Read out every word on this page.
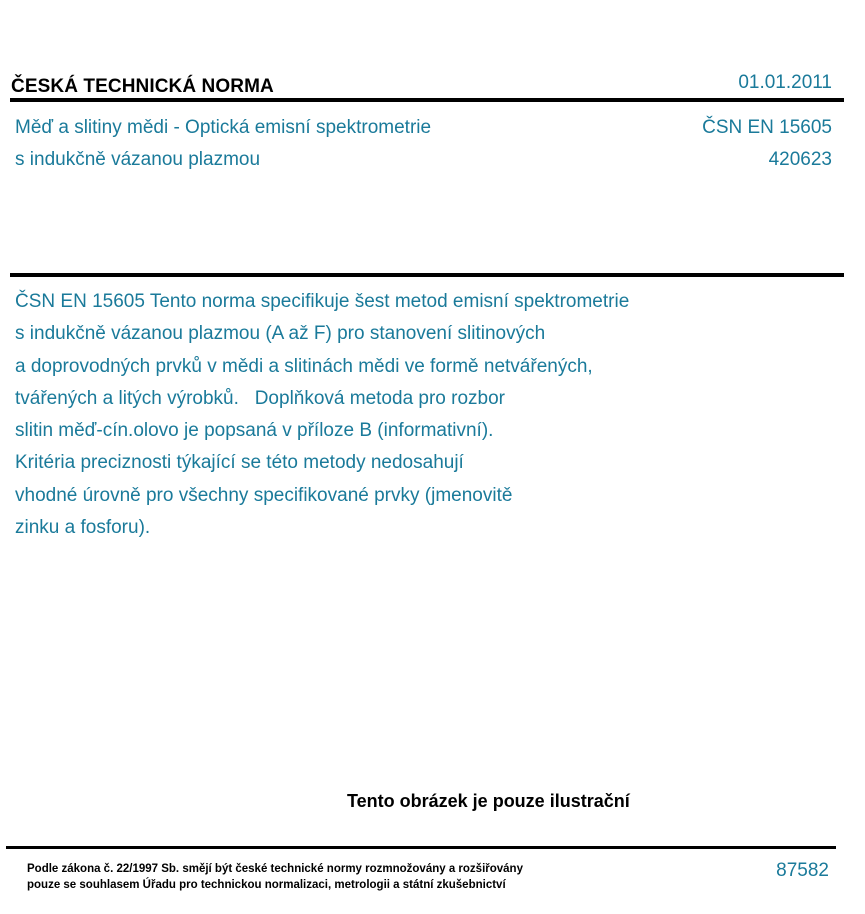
ČESKÁ TECHNICKÁ NORMA	01.01.2011
Měď a slitiny mědi - Optická emisní spektrometrie
s indukčně vázanou plazmou
ČSN EN 15605
420623
ČSN EN 15605 Tento norma specifikuje šest metod emisní spektrometrie
s indukčně vázanou plazmou (A až F) pro stanovení slitinových
a doprovodných prvků v mědi a slitinách mědi ve formě netvářených,
tvářených a litých výrobků.   Doplňková metoda pro rozbor
slitin měď-cín.olovo je popsaná v příloze B (informativní).
Kritéria preciznosti týkající se této metody nedosahují
vhodné úrovně pro všechny specifikované prvky (jmenovitě
zinku a fosforu).
Tento obrázek je pouze ilustrační
Podle zákona č. 22/1997 Sb. smějí být české technické normy rozmnožovány a rozšiřovány
pouze se souhlasem Úřadu pro technickou normalizaci, metrologii a státní zkušebnictví
87582
